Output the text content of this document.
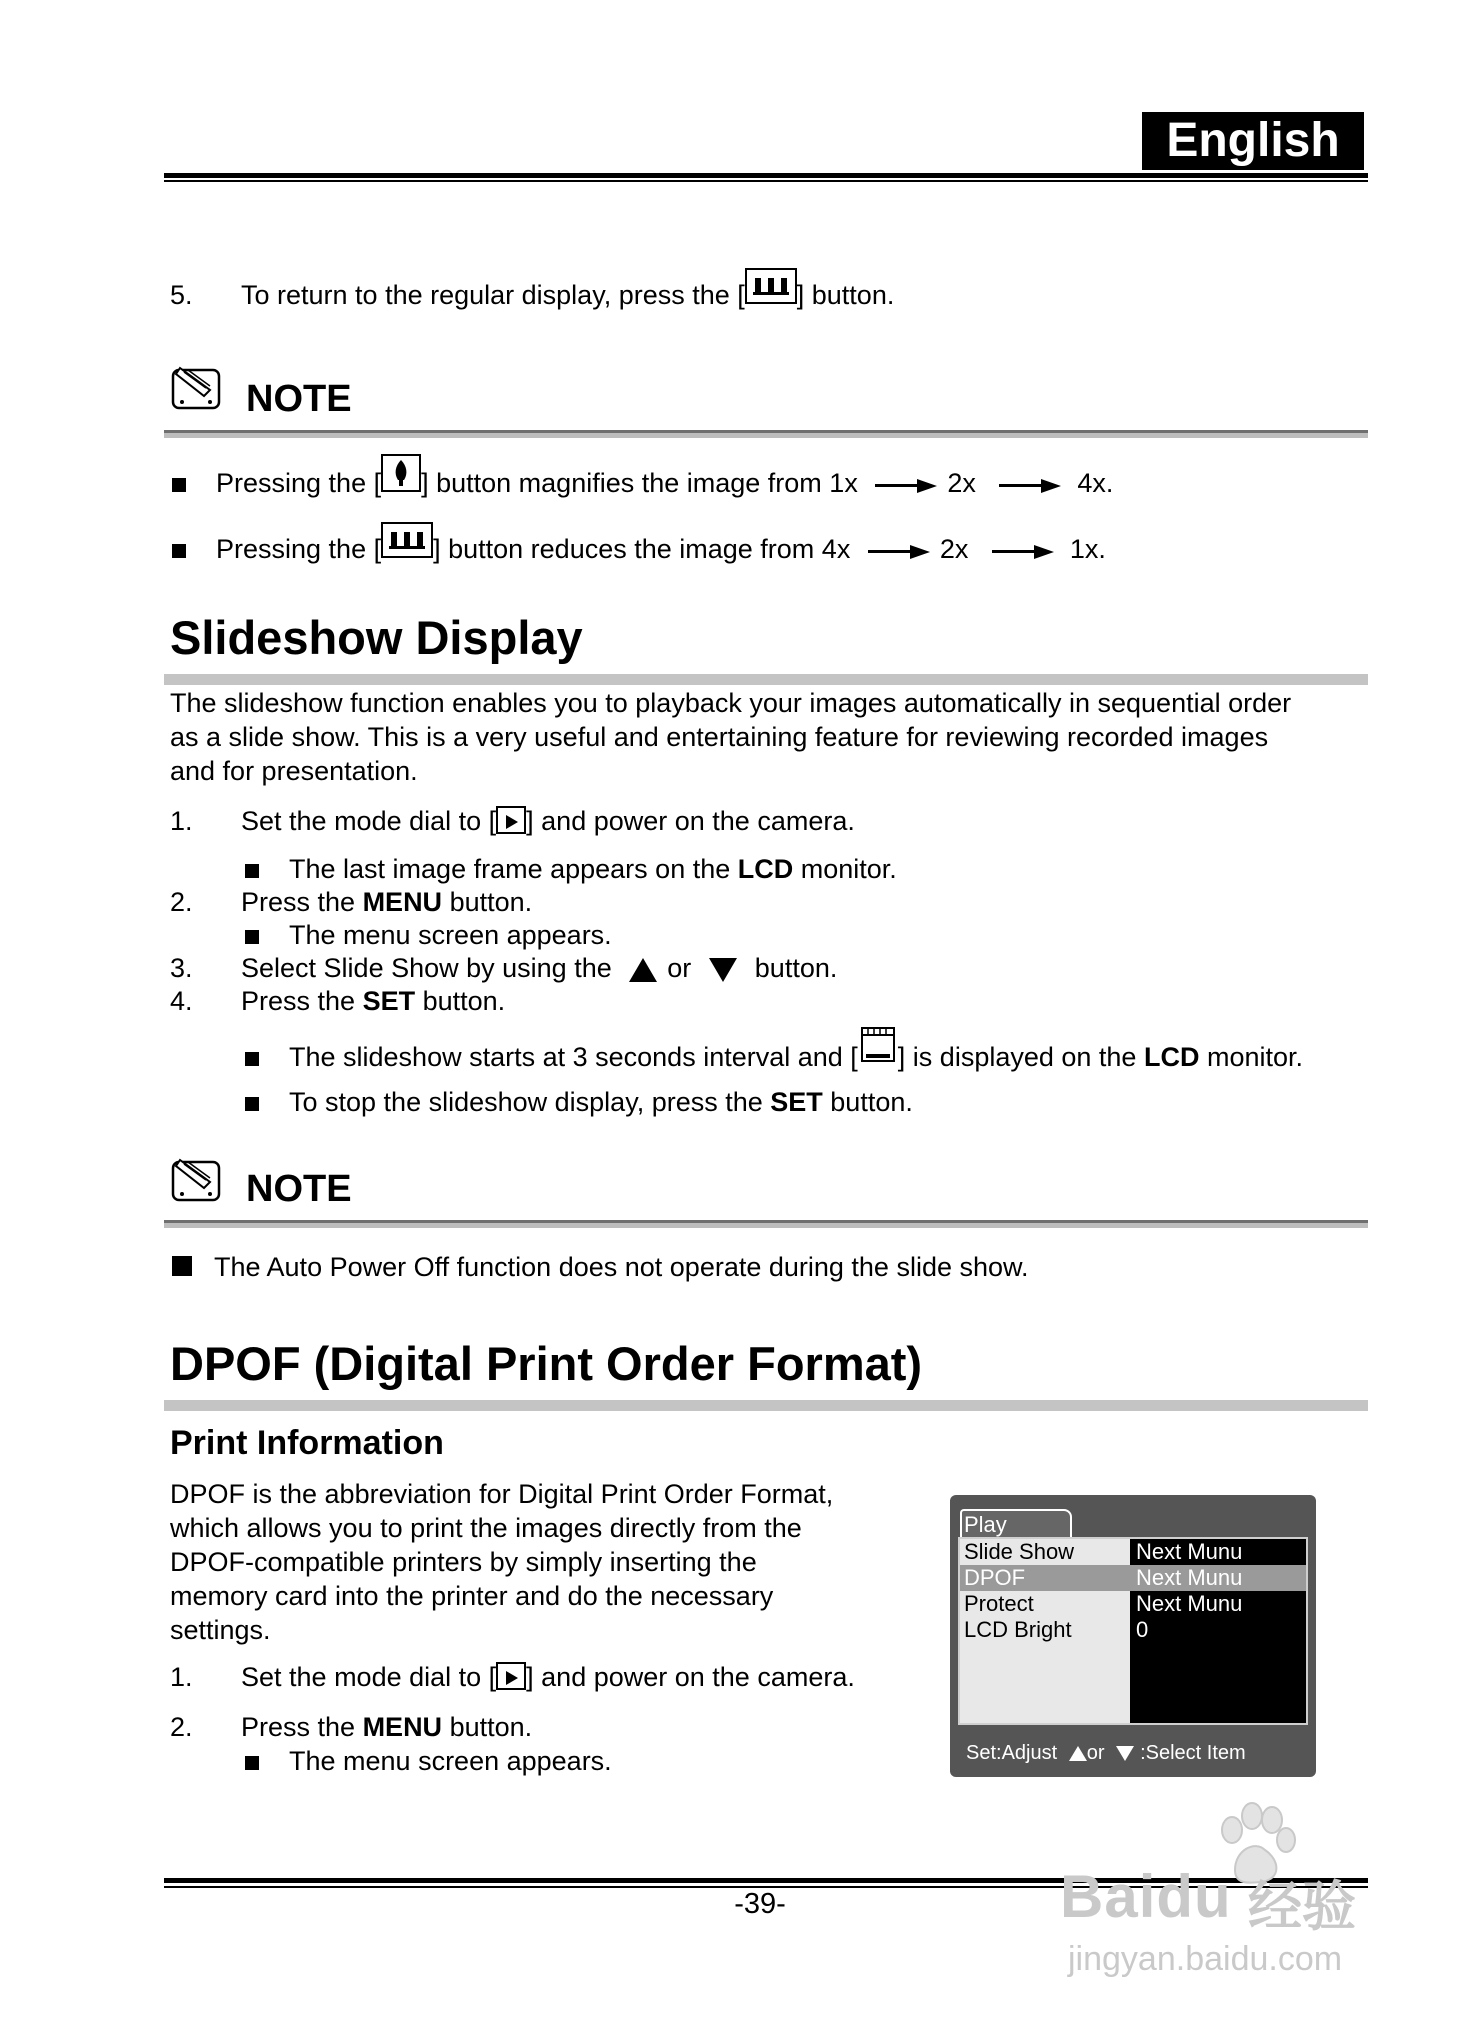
English
5. To return to the regular display, press the [ ] button.
NOTE
Pressing the [ ] button magnifies the image from 1x	2x	4x.
Pressing the [ ] button reduces the image from 4x	2x	1x.
Slideshow Display
The slideshow function enables you to playback your images automatically in sequential order
as a slide show. This is a very useful and entertaining feature for reviewing recorded images
and for presentation.
1. Set the mode dial to [ ] and power on the camera.
The last image frame appears on the LCD monitor.
2. Press the MENU button.
The menu screen appears.
3. Select Slide Show by using the or button.
4. Press the SET button.
The slideshow starts at 3 seconds interval and [ ] is displayed on the LCD monitor.
To stop the slideshow display, press the SET button.
NOTE
The Auto Power Off function does not operate during the slide show.
DPOF (Digital Print Order Format)
Print Information
DPOF is the abbreviation for Digital Print Order Format,
which allows you to print the images directly from the
DPOF-compatible printers by simply inserting the
memory card into the printer and do the necessary
settings.
1. Set the mode dial to [ ] and power on the camera.
2. Press the MENU button.
The menu screen appears.
Play
Slide Show	Next Munu
DPOF	Next Munu
Protect	Next Munu
LCD Bright	0
Set:Adjust or :Select Item
-39-	Baidu 经验
jingyan.baidu.com
